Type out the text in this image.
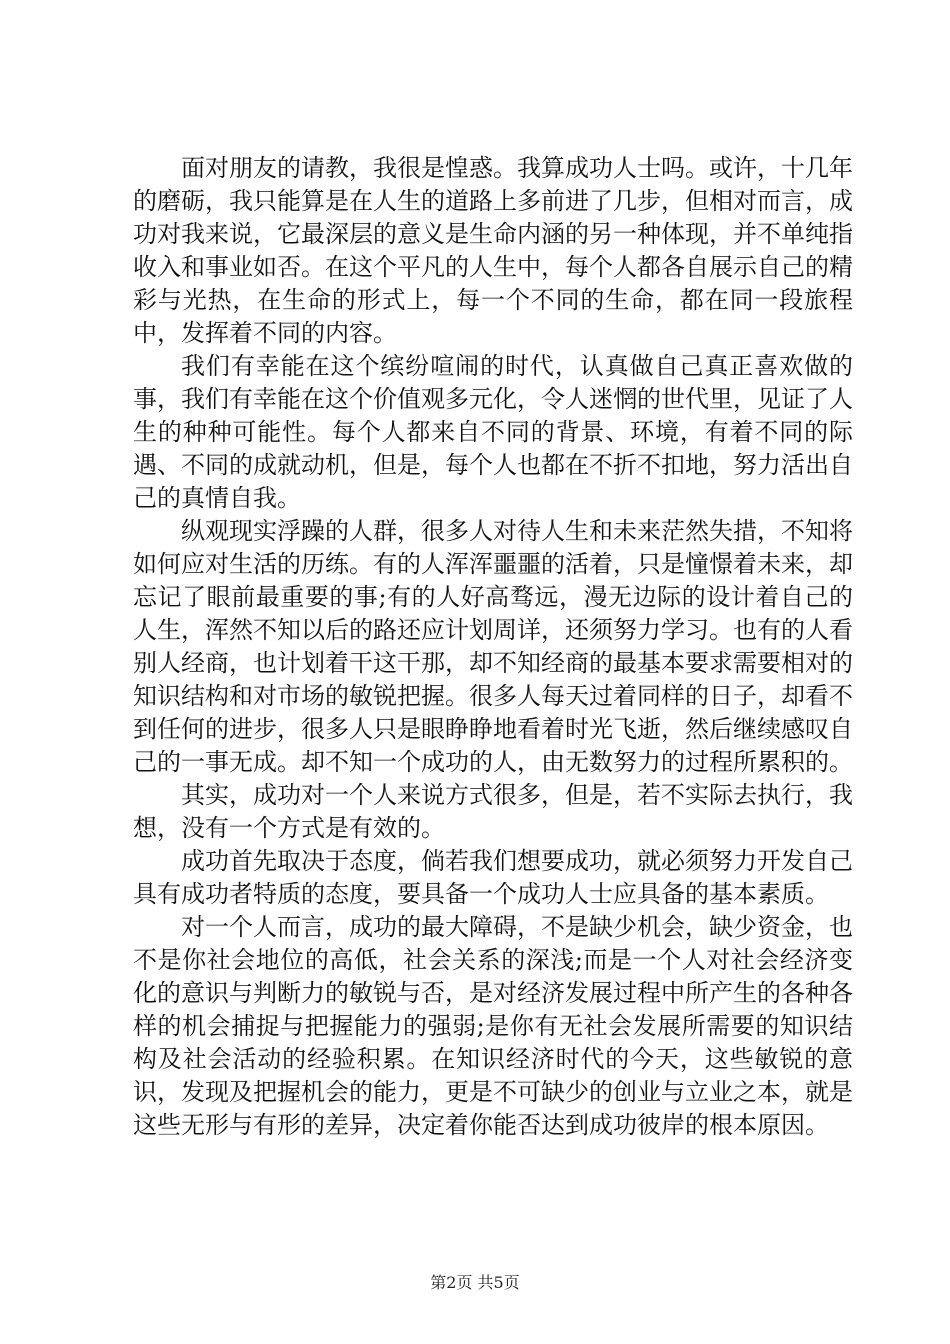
面对朋友的请教，我很是惶惑。我算成功人士吗。或许，十几年的磨砺，我只能算是在人生的道路上多前进了几步，但相对而言，成功对我来说，它最深层的意义是生命内涵的另一种体现，并不单纯指收入和事业如否。在这个平凡的人生中，每个人都各自展示自己的精彩与光热，在生命的形式上，每一个不同的生命，都在同一段旅程中，发挥着不同的内容。

我们有幸能在这个缤纷喧闹的时代，认真做自己真正喜欢做的事，我们有幸能在这个价值观多元化，令人迷惘的世代里，见证了人生的种种可能性。每个人都来自不同的背景、环境，有着不同的际遇、不同的成就动机，但是，每个人也都在不折不扣地，努力活出自己的真情自我。

纵观现实浮躁的人群，很多人对待人生和未来茫然失措，不知将如何应对生活的历练。有的人浑浑噩噩的活着，只是憧憬着未来，却忘记了眼前最重要的事;有的人好高骛远，漫无边际的设计着自己的人生，浑然不知以后的路还应计划周详，还须努力学习。也有的人看别人经商，也计划着干这干那，却不知经商的最基本要求需要相对的知识结构和对市场的敏锐把握。很多人每天过着同样的日子，却看不到任何的进步，很多人只是眼睁睁地看着时光飞逝，然后继续感叹自己的一事无成。却不知一个成功的人，由无数努力的过程所累积的。

其实，成功对一个人来说方式很多，但是，若不实际去执行，我想，没有一个方式是有效的。

成功首先取决于态度，倘若我们想要成功，就必须努力开发自己具有成功者特质的态度，要具备一个成功人士应具备的基本素质。

对一个人而言，成功的最大障碍，不是缺少机会，缺少资金，也不是你社会地位的高低，社会关系的深浅;而是一个人对社会经济变化的意识与判断力的敏锐与否，是对经济发展过程中所产生的各种各样的机会捕捉与把握能力的强弱;是你有无社会发展所需要的知识结构及社会活动的经验积累。在知识经济时代的今天，这些敏锐的意识，发现及把握机会的能力，更是不可缺少的创业与立业之本，就是这些无形与有形的差异，决定着你能否达到成功彼岸的根本原因。

第2页 共5页
